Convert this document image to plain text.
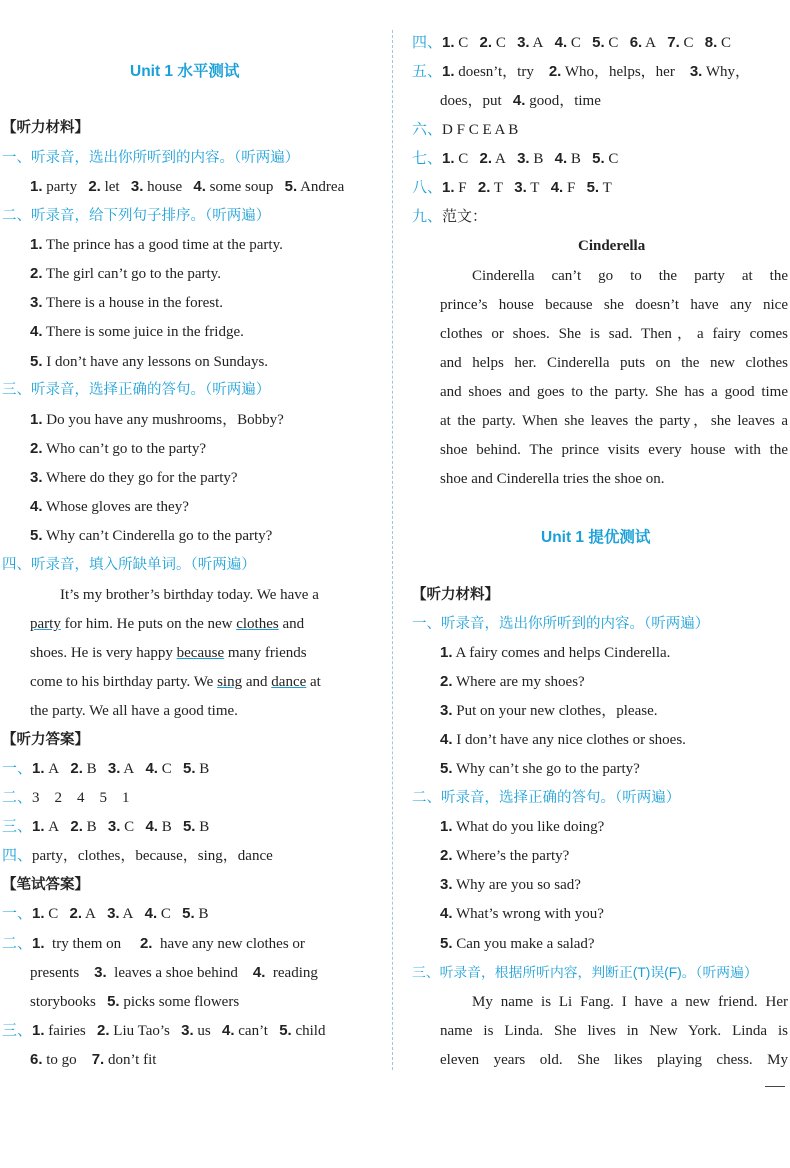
Unit 1 水平测试
【听力材料】
一、听录音，选出你所听到的内容。（听两遍）
1. party 2. let 3. house 4. some soup 5. Andrea
二、听录音，给下列句子排序。（听两遍）
1. The prince has a good time at the party.
2. The girl can’t go to the party.
3. There is a house in the forest.
4. There is some juice in the fridge.
5. I don’t have any lessons on Sundays.
三、听录音，选择正确的答句。（听两遍）
1. Do you have any mushrooms，Bobby?
2. Who can’t go to the party?
3. Where do they go for the party?
4. Whose gloves are they?
5. Why can’t Cinderella go to the party?
四、听录音，填入所缺单词。（听两遍）
It’s my brother’s birthday today. We have a
party for him. He puts on the new clothes and
shoes. He is very happy because many friends
come to his birthday party. We sing and dance at
the party. We all have a good time.
【听力答案】
一、1. A 2. B 3. A 4. C 5. B
二、3　2　4　5　1
三、1. A 2. B 3. C 4. B 5. B
四、party，clothes，because，sing，dance
【笔试答案】
一、1. C 2. A 3. A 4. C 5. B
二、1. try them on 2. have any new clothes or
presents 3. leaves a shoe behind 4. reading
storybooks 5. picks some flowers
三、1. fairies 2. Liu Tao’s 3. us 4. can’t 5. child
6. to go 7. don’t fit
四、1. C 2. C 3. A 4. C 5. C 6. A 7. C 8. C
五、1. doesn’t，try 2. Who，helps，her 3. Why，
does，put 4. good，time
六、D F C E A B
七、1. C 2. A 3. B 4. B 5. C
八、1. F 2. T 3. T 4. F 5. T
九、范文：
Cinderella
Cinderella can’t go to the party at the
prince’s house because she doesn’t have any nice
clothes or shoes. She is sad. Then，a fairy comes
and helps her. Cinderella puts on the new clothes
and shoes and goes to the party. She has a good time
at the party. When she leaves the party，she leaves a
shoe behind. The prince visits every house with the
shoe and Cinderella tries the shoe on.
Unit 1 提优测试
【听力材料】
一、听录音，选出你所听到的内容。（听两遍）
1. A fairy comes and helps Cinderella.
2. Where are my shoes?
3. Put on your new clothes，please.
4. I don’t have any nice clothes or shoes.
5. Why can’t she go to the party?
二、听录音，选择正确的答句。（听两遍）
1. What do you like doing?
2. Where’s the party?
3. Why are you so sad?
4. What’s wrong with you?
5. Can you make a salad?
三、听录音，根据所听内容，判断正(T)误(F)。（听两遍）
My name is Li Fang. I have a new friend. Her
name is Linda. She lives in New York. Linda is
eleven years old. She likes playing chess. My
